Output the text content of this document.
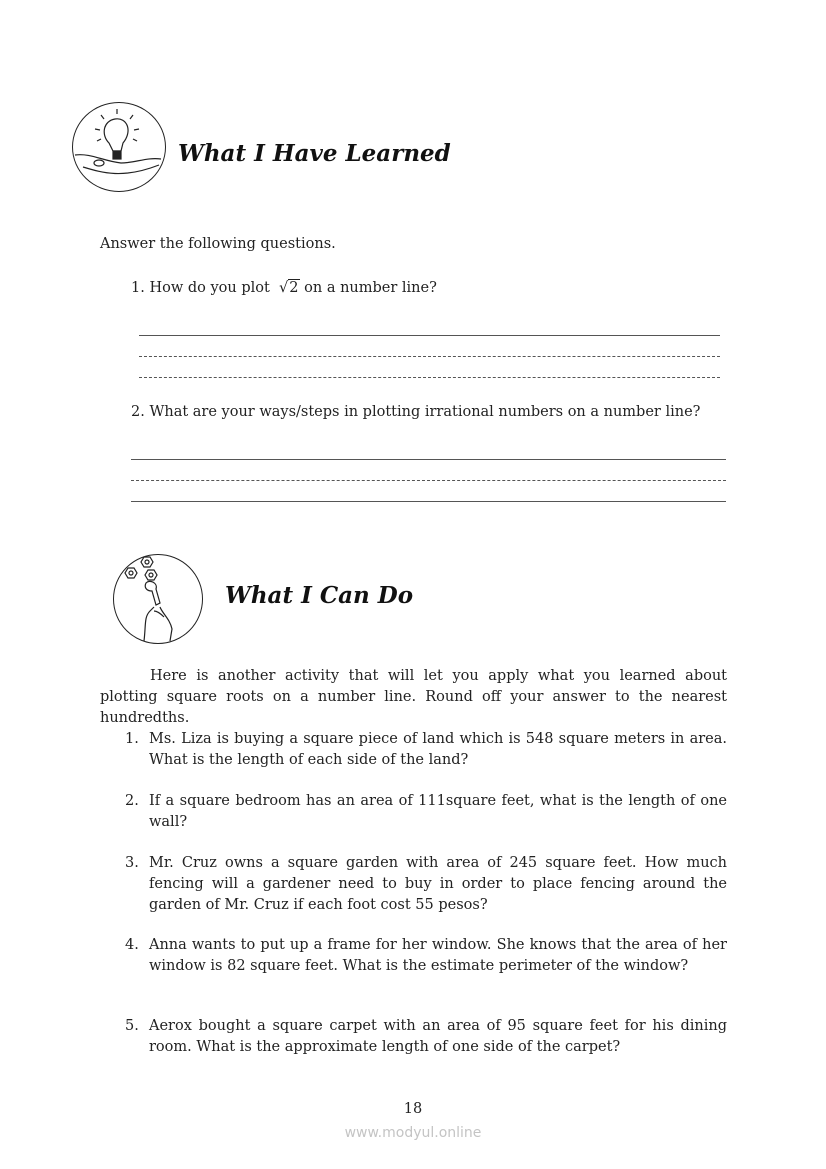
What I Have Learned
Answer the following questions.
1. How do you plot √2 on a number line?
2. What are your ways/steps in plotting irrational numbers on a number line?
What I Can Do
Here is another activity that will let you apply what you learned about plotting square roots on a number line. Round off your answer to the nearest hundredths.
1. Ms. Liza is buying a square piece of land which is 548 square meters in area. What is the length of each side of the land?
2. If a square bedroom has an area of 111square feet, what is the length of one wall?
3. Mr. Cruz owns a square garden with area of 245 square feet. How much fencing will a gardener need to buy in order to place fencing around the garden of Mr. Cruz if each foot cost 55 pesos?
4. Anna wants to put up a frame for her window. She knows that the area of her window is 82 square feet. What is the estimate perimeter of the window?
5. Aerox bought a square carpet with an area of 95 square feet for his dining room. What is the approximate length of one side of the carpet?
18
www.modyul.online
